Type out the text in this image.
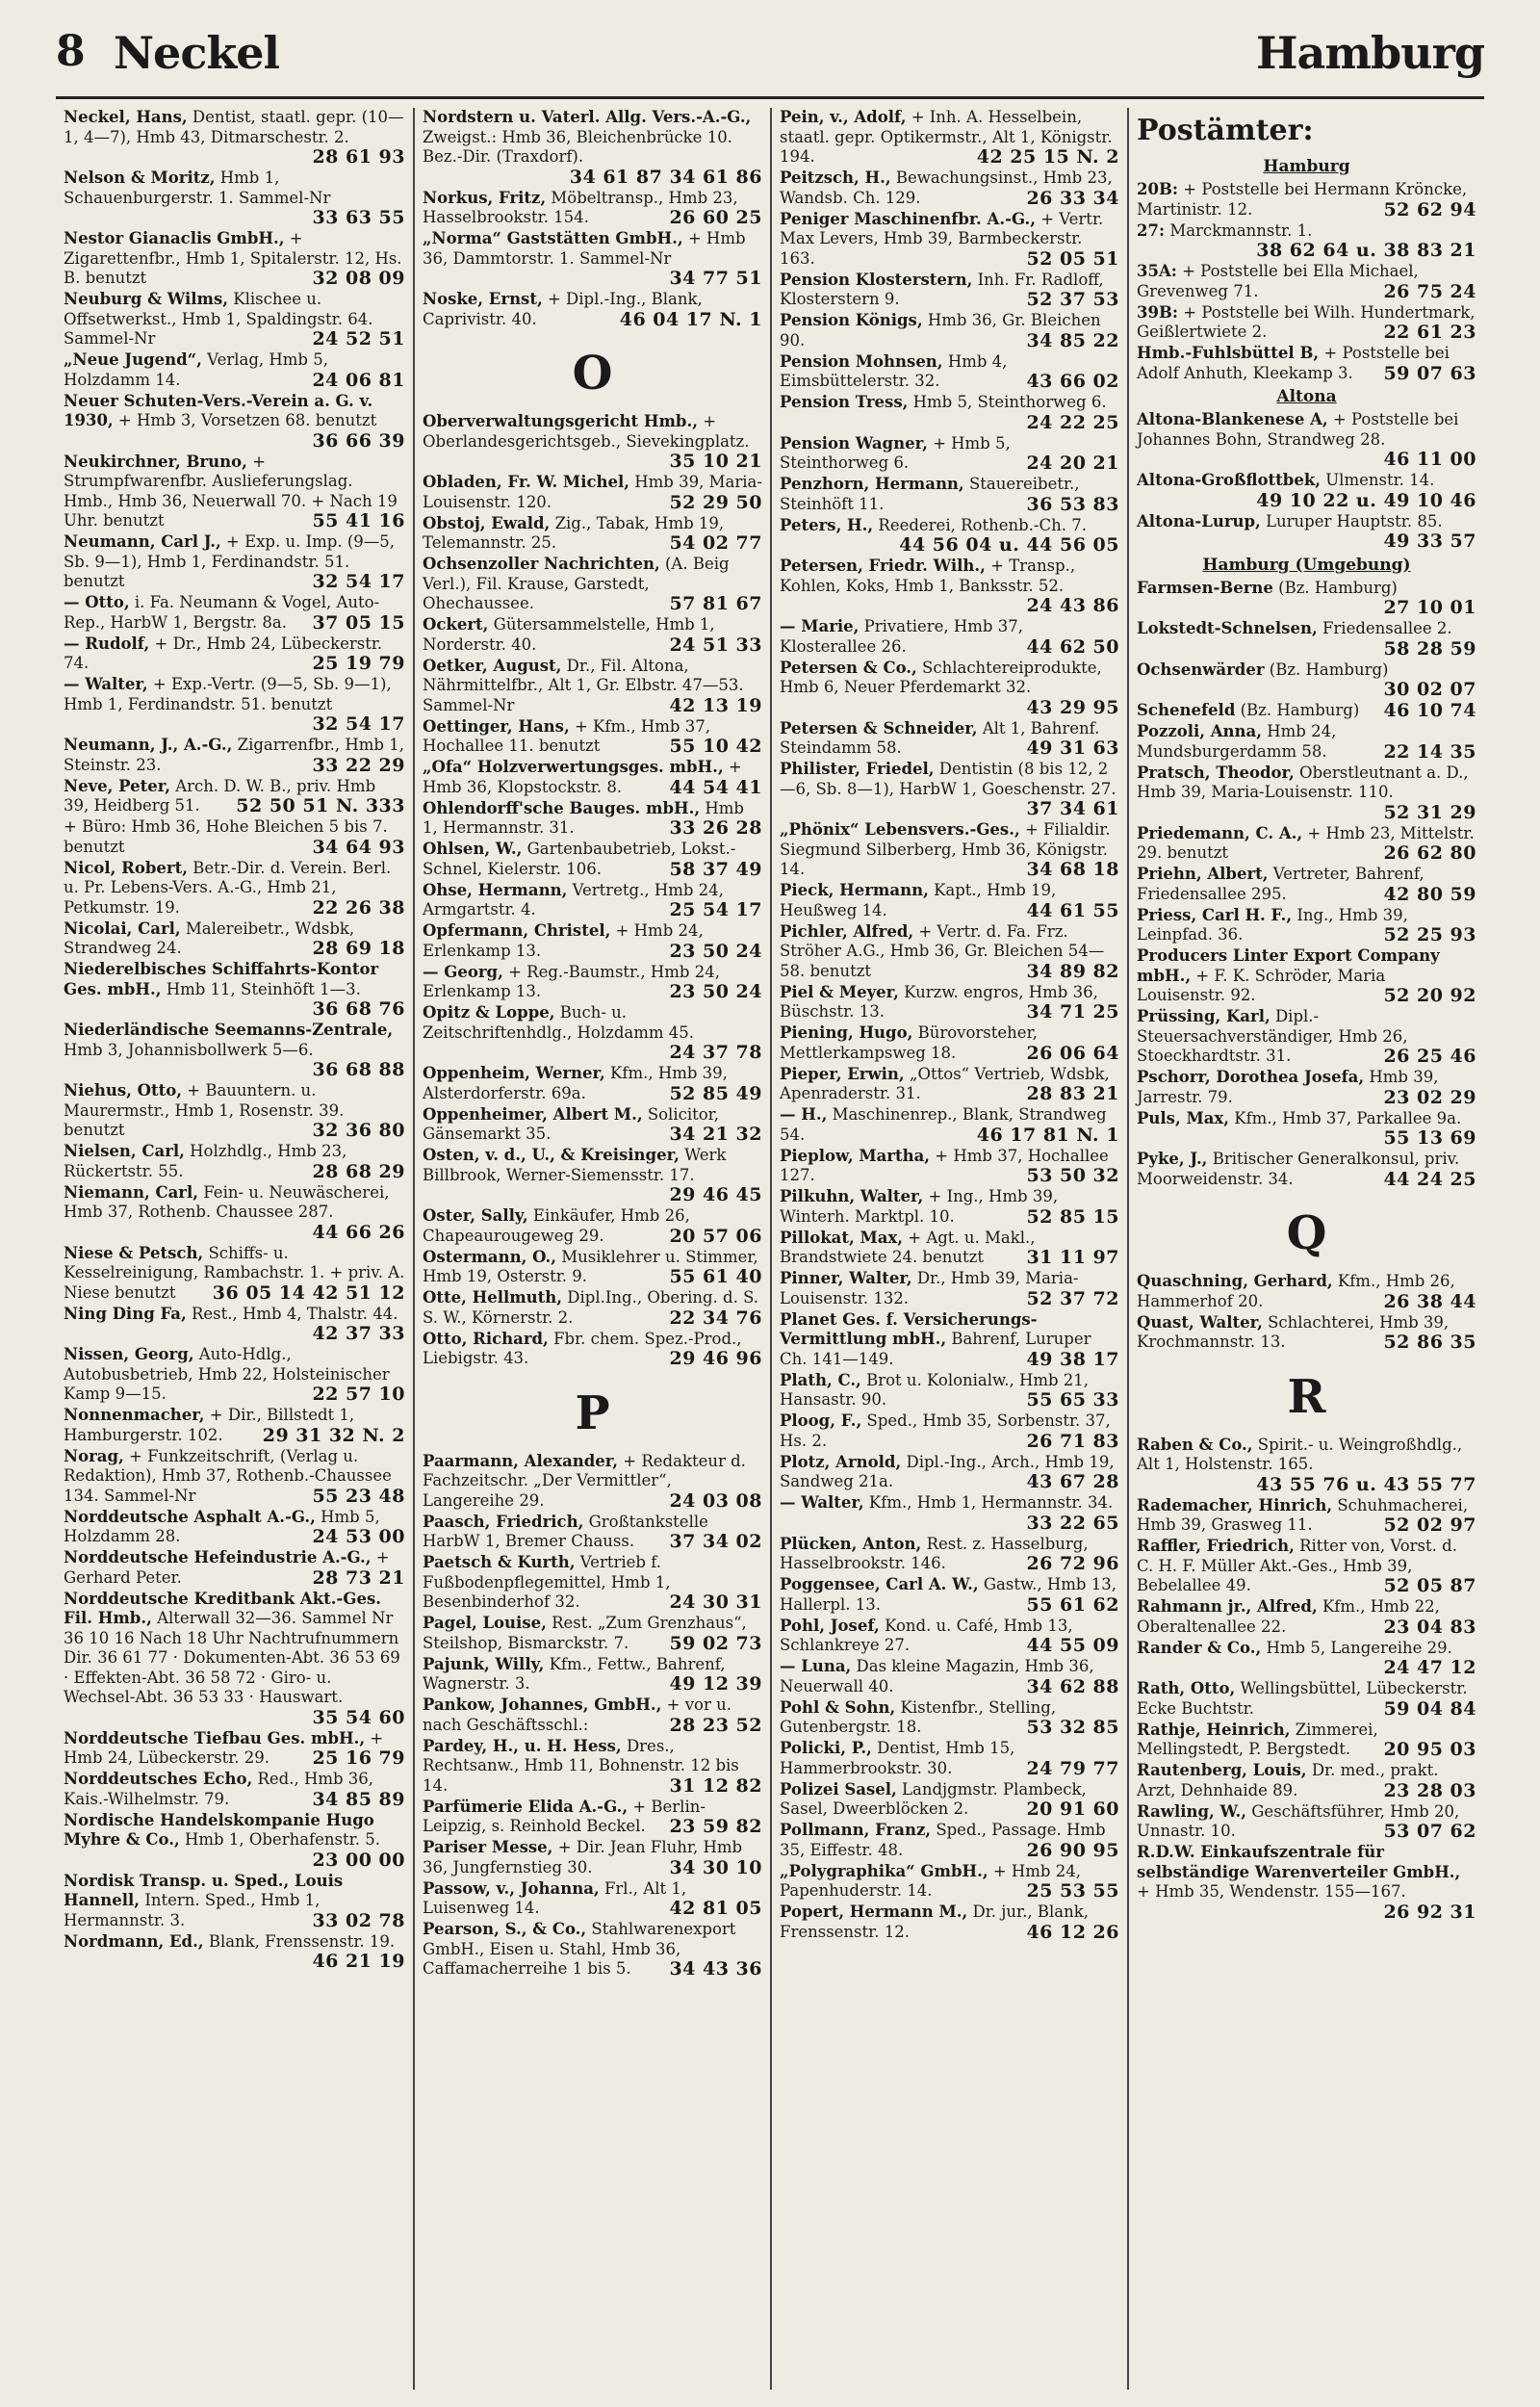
8 Neckel	Hamburg
Neckel, Hans, Dentist, staatl. gepr. (10—1, 4—7), Hmb 43, Ditmarschestr. 2.
28 61 93
Nelson & Moritz, Hmb 1, Schauenburgerstr. 1. Sammel-Nr
33 63 55
Nestor Gianaclis GmbH., + Zigarettenfbr., Hmb 1, Spitalerstr. 12, Hs. B. benutzt	32 08 09
Neuburg & Wilms, Klischee u. Offsetwerkst., Hmb 1, Spaldingstr. 64. Sammel-Nr	24 52 51
„Neue Jugend“, Verlag, Hmb 5, Holzdamm 14.	24 06 81
Neuer Schuten-Vers.-Verein a. G. v. 1930, + Hmb 3, Vorsetzen 68. benutzt
36 66 39
Neukirchner, Bruno, + Strumpfwarenfbr. Auslieferungslag. Hmb., Hmb 36, Neuerwall 70. + Nach 19 Uhr. benutzt	55 41 16
Neumann, Carl J., + Exp. u. Imp. (9—5, Sb. 9—1), Hmb 1, Ferdinandstr. 51. benutzt	32 54 17
— Otto, i. Fa. Neumann & Vogel, Auto-Rep., HarbW 1, Bergstr. 8a. 37 05 15
— Rudolf, + Dr., Hmb 24, Lübeckerstr. 74.	25 19 79
— Walter, + Exp.-Vertr. (9—5, Sb. 9—1), Hmb 1, Ferdinandstr. 51. benutzt
32 54 17
Neumann, J., A.-G., Zigarrenfbr., Hmb 1, Steinstr. 23.	33 22 29
Neve, Peter, Arch. D. W. B., priv. Hmb 39, Heidberg 51. 52 50 51 N. 333
+ Büro: Hmb 36, Hohe Bleichen 5 bis 7. benutzt	34 64 93
Nicol, Robert, Betr.-Dir. d. Verein. Berl. u. Pr. Lebens-Vers. A.-G., Hmb 21, Petkumstr. 19.	22 26 38
Nicolai, Carl, Malereibetr., Wdsbk, Strandweg 24.	28 69 18
Niederelbisches Schiffahrts-Kontor Ges. mbH., Hmb 11, Steinhöft 1—3.
36 68 76
Niederländische Seemanns-Zentrale, Hmb 3, Johannisbollwerk 5—6.
36 68 88
Niehus, Otto, + Bauuntern. u. Maurermstr., Hmb 1, Rosenstr. 39. benutzt	32 36 80
Nielsen, Carl, Holzhdlg., Hmb 23, Rückertstr. 55.	28 68 29
Niemann, Carl, Fein- u. Neuwäscherei, Hmb 37, Rothenb. Chaussee 287.
44 66 26
Niese & Petsch, Schiffs- u. Kesselreinigung, Rambachstr. 1. + priv. A. Niese benutzt 36 05 14 42 51 12
Ning Ding Fa, Rest., Hmb 4, Thalstr. 44.
42 37 33
Nissen, Georg, Auto-Hdlg., Autobusbetrieb, Hmb 22, Holsteinischer Kamp 9—15.	22 57 10
Nonnenmacher, + Dir., Billstedt 1, Hamburgerstr. 102. 29 31 32 N. 2
Norag, + Funkzeitschrift, (Verlag u. Redaktion), Hmb 37, Rothenb.-Chaussee 134. Sammel-Nr	55 23 48
Norddeutsche Asphalt A.-G., Hmb 5, Holzdamm 28.	24 53 00
Norddeutsche Hefeindustrie A.-G., + Gerhard Peter.	28 73 21
Norddeutsche Kreditbank Akt.-Ges. Fil. Hmb., Alterwall 32—36. Sammel Nr 36 10 16 Nach 18 Uhr Nachtrufnummern Dir. 36 61 77 · Dokumenten-Abt. 36 53 69 · Effekten-Abt. 36 58 72 · Giro- u. Wechsel-Abt. 36 53 33 · Hauswart.
35 54 60
Norddeutsche Tiefbau Ges. mbH., + Hmb 24, Lübeckerstr. 29. 25 16 79
Norddeutsches Echo, Red., Hmb 36, Kais.-Wilhelmstr. 79.	34 85 89
Nordische Handelskompanie Hugo Myhre & Co., Hmb 1, Oberhafenstr. 5.
23 00 00
Nordisk Transp. u. Sped., Louis Hannell, Intern. Sped., Hmb 1, Hermannstr. 3.	33 02 78
Nordmann, Ed., Blank, Frenssenstr. 19.
46 21 19
Nordstern u. Vaterl. Allg. Vers.-A.-G., Zweigst.: Hmb 36, Bleichenbrücke 10. Bez.-Dir. (Traxdorf).
34 61 87 34 61 86
Norkus, Fritz, Möbeltransp., Hmb 23, Hasselbrookstr. 154.	26 60 25
„Norma“ Gaststätten GmbH., + Hmb 36, Dammtorstr. 1. Sammel-Nr
34 77 51
Noske, Ernst, + Dipl.-Ing., Blank, Caprivistr. 40.	46 04 17 N. 1
O
Oberverwaltungsgericht Hmb., + Oberlandesgerichtsgeb., Sievekingplatz.
35 10 21
Obladen, Fr. W. Michel, Hmb 39, Maria-Louisenstr. 120.	52 29 50
Obstoj, Ewald, Zig., Tabak, Hmb 19, Telemannstr. 25.	54 02 77
Ochsenzoller Nachrichten, (A. Beig Verl.), Fil. Krause, Garstedt, Ohechaussee.	57 81 67
Ockert, Gütersammelstelle, Hmb 1, Norderstr. 40.	24 51 33
Oetker, August, Dr., Fil. Altona, Nährmittelfbr., Alt 1, Gr. Elbstr. 47—53. Sammel-Nr	42 13 19
Oettinger, Hans, + Kfm., Hmb 37, Hochallee 11. benutzt	55 10 42
„Ofa“ Holzverwertungsges. mbH., + Hmb 36, Klopstockstr. 8.	44 54 41
Ohlendorff'sche Bauges. mbH., Hmb 1, Hermannstr. 31.	33 26 28
Ohlsen, W., Gartenbaubetrieb, Lokst.-Schnel, Kielerstr. 106.	58 37 49
Ohse, Hermann, Vertretg., Hmb 24, Armgartstr. 4.	25 54 17
Opfermann, Christel, + Hmb 24, Erlenkamp 13.	23 50 24
— Georg, + Reg.-Baumstr., Hmb 24, Erlenkamp 13.	23 50 24
Opitz & Loppe, Buch- u. Zeitschriftenhdlg., Holzdamm 45.
24 37 78
Oppenheim, Werner, Kfm., Hmb 39, Alsterdorferstr. 69a.	52 85 49
Oppenheimer, Albert M., Solicitor, Gänsemarkt 35.	34 21 32
Osten, v. d., U., & Kreisinger, Werk Billbrook, Werner-Siemensstr. 17.
29 46 45
Oster, Sally, Einkäufer, Hmb 26, Chapeaurougeweg 29.	20 57 06
Ostermann, O., Musiklehrer u. Stimmer, Hmb 19, Osterstr. 9.	55 61 40
Otte, Hellmuth, Dipl.Ing., Obering. d. S. S. W., Körnerstr. 2.	22 34 76
Otto, Richard, Fbr. chem. Spez.-Prod., Liebigstr. 43.	29 46 96
P
Paarmann, Alexander, + Redakteur d. Fachzeitschr. „Der Vermittler“, Langereihe 29.	24 03 08
Paasch, Friedrich, Großtankstelle HarbW 1, Bremer Chauss. 37 34 02
Paetsch & Kurth, Vertrieb f. Fußbodenpflegemittel, Hmb 1, Besenbinderhof 32.	24 30 31
Pagel, Louise, Rest. „Zum Grenzhaus“, Steilshop, Bismarckstr. 7. 59 02 73
Pajunk, Willy, Kfm., Fettw., Bahrenf, Wagnerstr. 3.	49 12 39
Pankow, Johannes, GmbH., + vor u. nach Geschäftsschl.:	28 23 52
Pardey, H., u. H. Hess, Dres., Rechtsanw., Hmb 11, Bohnenstr. 12 bis 14.	31 12 82
Parfümerie Elida A.-G., + Berlin-Leipzig, s. Reinhold Beckel. 23 59 82
Pariser Messe, + Dir. Jean Fluhr, Hmb 36, Jungfernstieg 30.	34 30 10
Passow, v., Johanna, Frl., Alt 1, Luisenweg 14.	42 81 05
Pearson, S., & Co., Stahlwarenexport GmbH., Eisen u. Stahl, Hmb 36, Caffamacherreihe 1 bis 5. 34 43 36
Pein, v., Adolf, + Inh. A. Hesselbein, staatl. gepr. Optikermstr., Alt 1, Königstr. 194.	42 25 15 N. 2
Peitzsch, H., Bewachungsinst., Hmb 23, Wandsb. Ch. 129.	26 33 34
Peniger Maschinenfbr. A.-G., + Vertr. Max Levers, Hmb 39, Barmbeckerstr. 163.	52 05 51
Pension Klosterstern, Inh. Fr. Radloff, Klosterstern 9.	52 37 53
Pension Königs, Hmb 36, Gr. Bleichen 90.	34 85 22
Pension Mohnsen, Hmb 4, Eimsbüttelerstr. 32.	43 66 02
Pension Tress, Hmb 5, Steinthorweg 6.
24 22 25
Pension Wagner, + Hmb 5, Steinthorweg 6.	24 20 21
Penzhorn, Hermann, Stauereibetr., Steinhöft 11.	36 53 83
Peters, H., Reederei, Rothenb.-Ch. 7.
44 56 04 u. 44 56 05
Petersen, Friedr. Wilh., + Transp., Kohlen, Koks, Hmb 1, Banksstr. 52.
24 43 86
— Marie, Privatiere, Hmb 37, Klosterallee 26.	44 62 50
Petersen & Co., Schlachtereiprodukte, Hmb 6, Neuer Pferdemarkt 32.
43 29 95
Petersen & Schneider, Alt 1, Bahrenf. Steindamm 58.	49 31 63
Philister, Friedel, Dentistin (8 bis 12, 2—6, Sb. 8—1), HarbW 1, Goeschenstr. 27.
37 34 61
„Phönix“ Lebensvers.-Ges., + Filialdir. Siegmund Silberberg, Hmb 36, Königstr. 14.	34 68 18
Pieck, Hermann, Kapt., Hmb 19, Heußweg 14.	44 61 55
Pichler, Alfred, + Vertr. d. Fa. Frz. Ströher A.G., Hmb 36, Gr. Bleichen 54—58. benutzt	34 89 82
Piel & Meyer, Kurzw. engros, Hmb 36, Büschstr. 13.	34 71 25
Piening, Hugo, Bürovorsteher, Mettlerkampsweg 18.	26 06 64
Pieper, Erwin, „Ottos“ Vertrieb, Wdsbk, Apenraderstr. 31.	28 83 21
— H., Maschinenrep., Blank, Strandweg 54.	46 17 81 N. 1
Pieplow, Martha, + Hmb 37, Hochallee 127.	53 50 32
Pilkuhn, Walter, + Ing., Hmb 39, Winterh. Marktpl. 10.	52 85 15
Pillokat, Max, + Agt. u. Makl., Brandstwiete 24. benutzt 31 11 97
Pinner, Walter, Dr., Hmb 39, Maria-Louisenstr. 132.	52 37 72
Planet Ges. f. Versicherungs-Vermittlung mbH., Bahrenf, Luruper Ch. 141—149.	49 38 17
Plath, C., Brot u. Kolonialw., Hmb 21, Hansastr. 90.	55 65 33
Ploog, F., Sped., Hmb 35, Sorbenstr. 37, Hs. 2.	26 71 83
Plotz, Arnold, Dipl.-Ing., Arch., Hmb 19, Sandweg 21a.	43 67 28
— Walter, Kfm., Hmb 1, Hermannstr. 34.
33 22 65
Plücken, Anton, Rest. z. Hasselburg, Hasselbrookstr. 146.	26 72 96
Poggensee, Carl A. W., Gastw., Hmb 13, Hallerpl. 13.	55 61 62
Pohl, Josef, Kond. u. Café, Hmb 13, Schlankreye 27.	44 55 09
— Luna, Das kleine Magazin, Hmb 36, Neuerwall 40.	34 62 88
Pohl & Sohn, Kistenfbr., Stelling, Gutenbergstr. 18.	53 32 85
Policki, P., Dentist, Hmb 15, Hammerbrookstr. 30.	24 79 77
Polizei Sasel, Landjgmstr. Plambeck, Sasel, Dweerblöcken 2.	20 91 60
Pollmann, Franz, Sped., Passage. Hmb 35, Eiffestr. 48.	26 90 95
„Polygraphika“ GmbH., + Hmb 24, Papenhuderstr. 14.	25 53 55
Popert, Hermann M., Dr. jur., Blank, Frenssenstr. 12.	46 12 26
Postämter:
Hamburg
20B: + Poststelle bei Hermann Kröncke, Martinistr. 12.	52 62 94
27: Marckmannstr. 1.
38 62 64 u. 38 83 21
35A: + Poststelle bei Ella Michael, Grevenweg 71.	26 75 24
39B: + Poststelle bei Wilh. Hundertmark, Geißlertwiete 2.	22 61 23
Hmb.-Fuhlsbüttel B, + Poststelle bei Adolf Anhuth, Kleekamp 3. 59 07 63
Altona
Altona-Blankenese A, + Poststelle bei Johannes Bohn, Strandweg 28.
46 11 00
Altona-Großflottbek, Ulmenstr. 14.
49 10 22 u. 49 10 46
Altona-Lurup, Luruper Hauptstr. 85.
49 33 57
Hamburg (Umgebung)
Farmsen-Berne (Bz. Hamburg)
27 10 01
Lokstedt-Schnelsen, Friedensallee 2.
58 28 59
Ochsenwärder (Bz. Hamburg)
30 02 07
Schenefeld (Bz. Hamburg) 46 10 74
Pozzoli, Anna, Hmb 24, Mundsburgerdamm 58.	22 14 35
Pratsch, Theodor, Oberstleutnant a. D., Hmb 39, Maria-Louisenstr. 110.
52 31 29
Priedemann, C. A., + Hmb 23, Mittelstr. 29. benutzt	26 62 80
Priehn, Albert, Vertreter, Bahrenf, Friedensallee 295.	42 80 59
Priess, Carl H. F., Ing., Hmb 39, Leinpfad. 36.	52 25 93
Producers Linter Export Company mbH., + F. K. Schröder, Maria Louisenstr. 92.	52 20 92
Prüssing, Karl, Dipl.-Steuersachverständiger, Hmb 26, Stoeckhardtstr. 31.	26 25 46
Pschorr, Dorothea Josefa, Hmb 39, Jarrestr. 79.	23 02 29
Puls, Max, Kfm., Hmb 37, Parkallee 9a.
55 13 69
Pyke, J., Britischer Generalkonsul, priv. Moorweidenstr. 34.	44 24 25
Q
Quaschning, Gerhard, Kfm., Hmb 26, Hammerhof 20.	26 38 44
Quast, Walter, Schlachterei, Hmb 39, Krochmannstr. 13.	52 86 35
R
Raben & Co., Spirit.- u. Weingroßhdlg., Alt 1, Holstenstr. 165.
43 55 76 u. 43 55 77
Rademacher, Hinrich, Schuhmacherei, Hmb 39, Grasweg 11.	52 02 97
Raffler, Friedrich, Ritter von, Vorst. d. C. H. F. Müller Akt.-Ges., Hmb 39, Bebelallee 49.	52 05 87
Rahmann jr., Alfred, Kfm., Hmb 22, Oberaltenallee 22.	23 04 83
Rander & Co., Hmb 5, Langereihe 29.
24 47 12
Rath, Otto, Wellingsbüttel, Lübeckerstr. Ecke Buchtstr.	59 04 84
Rathje, Heinrich, Zimmerei, Mellingstedt, P. Bergstedt. 20 95 03
Rautenberg, Louis, Dr. med., prakt. Arzt, Dehnhaide 89.	23 28 03
Rawling, W., Geschäftsführer, Hmb 20, Unnastr. 10.	53 07 62
R.D.W. Einkaufszentrale für selbständige Warenverteiler GmbH., + Hmb 35, Wendenstr. 155—167.
26 92 31
